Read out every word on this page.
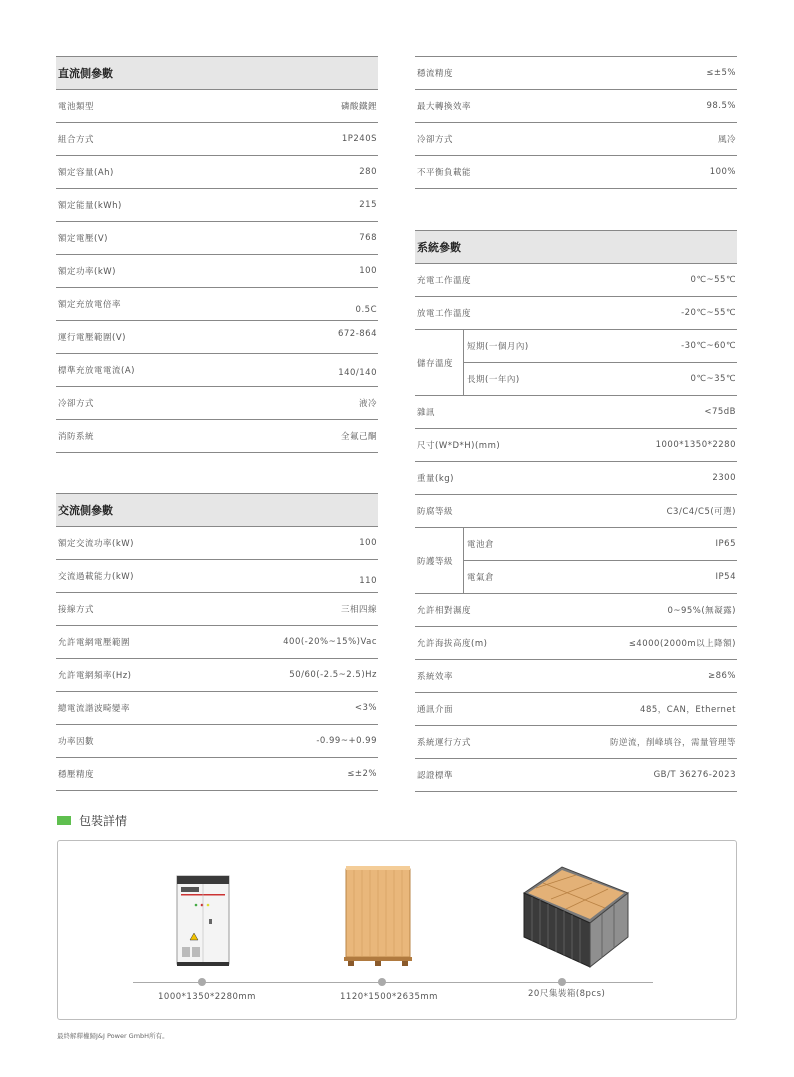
直流側參數
電池類型	磷酸鐵鋰
組合方式	1P240S
額定容量(Ah)	280
額定能量(kWh)	215
額定電壓(V)	768
額定功率(kW)	100
額定充放電倍率	0.5C
運行電壓範圍(V)	672-864
標準充放電電流(A)	140/140
冷卻方式	液冷
消防系統	全氟己酮
交流側參數
額定交流功率(kW)	100
交流過載能力(kW)	110
接線方式	三相四線
允許電網電壓範圍	400(-20%~15%)Vac
允許電網頻率(Hz)	50/60(-2.5~2.5)Hz
總電流諧波畸變率	<3%
功率因數	-0.99~+0.99
穩壓精度	≤±2%
穩流精度	≤±5%
最大轉換效率	98.5%
冷卻方式	風冷
不平衡負載能	100%
系統參數
充電工作溫度	0℃~55℃
放電工作溫度	-20℃~55℃
儲存溫度
短期(一個月內)	-30℃~60℃
長期(一年內)	0℃~35℃
雜訊	<75dB
尺寸(W*D*H)(mm)	1000*1350*2280
重量(kg)	2300
防腐等級	C3/C4/C5(可選)
防護等級
電池倉	IP65
電氣倉	IP54
允許相對濕度	0~95%(無凝露)
允許海拔高度(m)	≤4000(2000m以上降額)
系統效率	≥86%
通訊介面	485，CAN，Ethernet
系統運行方式	防逆流，削峰填谷，需量管理等
認證標準	GB/T 36276-2023
包裝詳情
1000*1350*2280mm	1120*1500*2635mm	20尺集裝箱(8pcs)
最終解釋權歸J&J Power GmbH所有。
